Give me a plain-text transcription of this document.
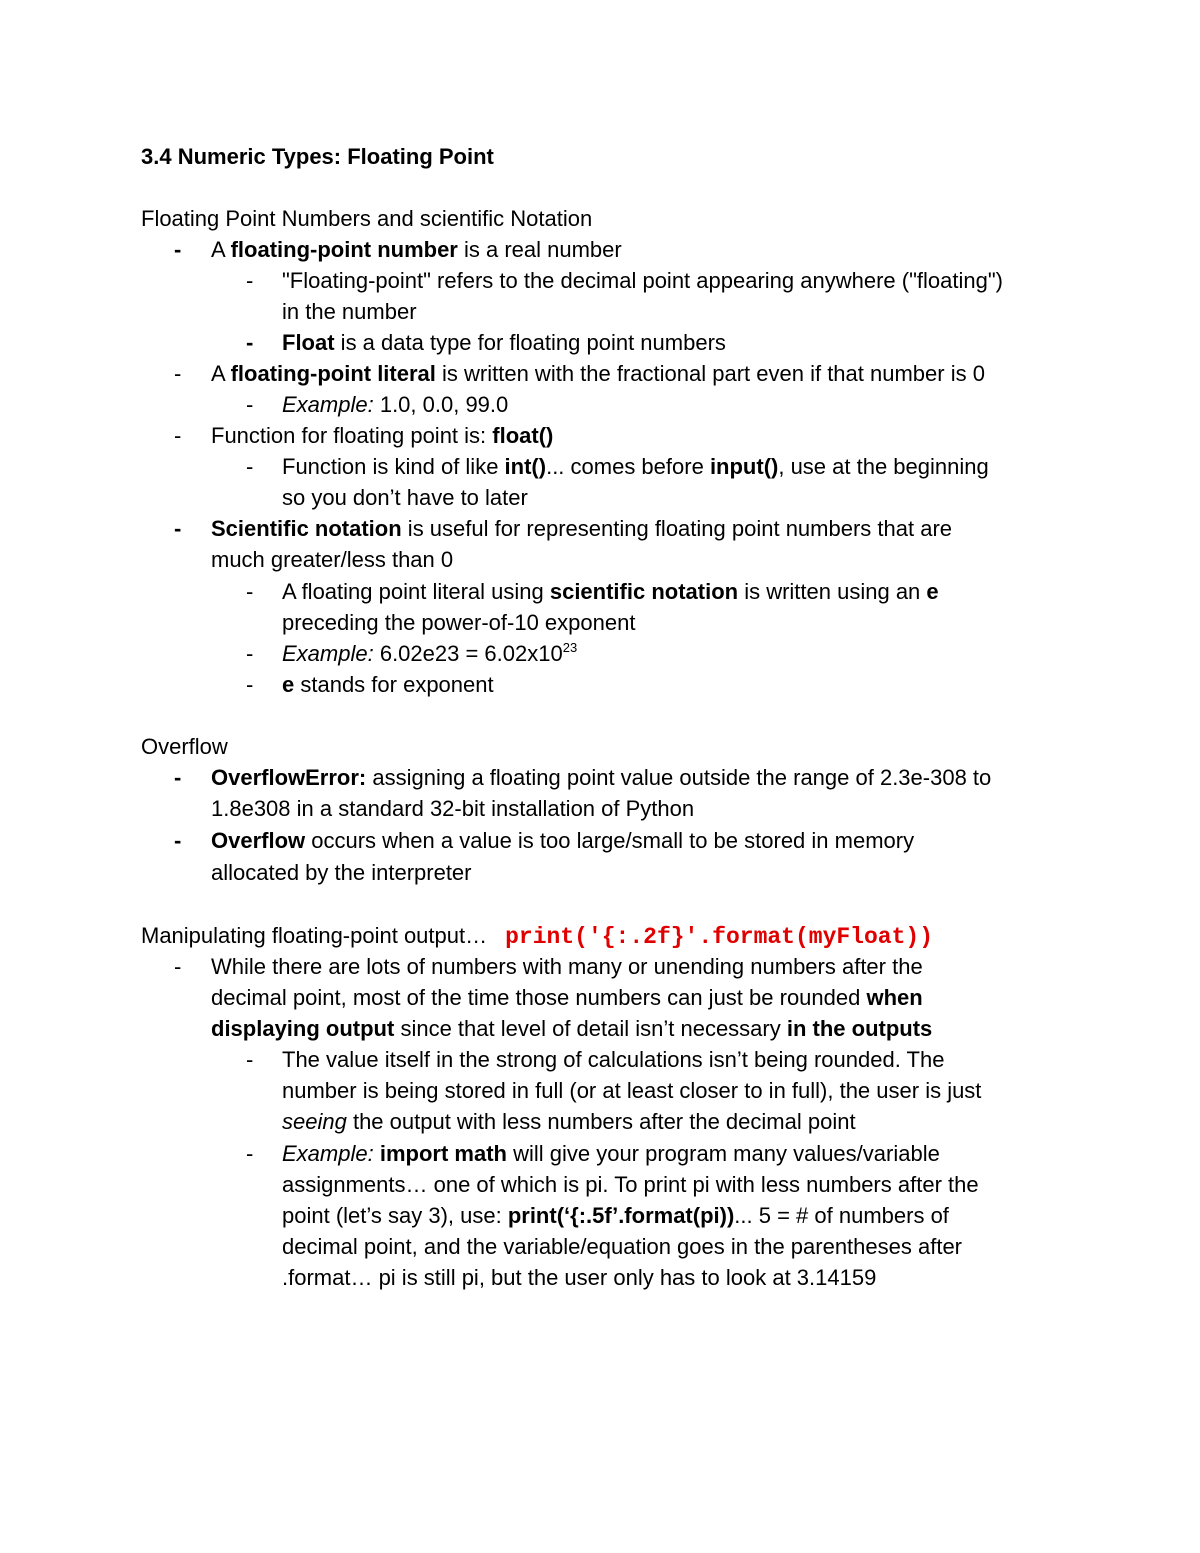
3.4 Numeric Types: Floating Point
Floating Point Numbers and scientific Notation
- A floating-point number is a real number
- "Floating-point" refers to the decimal point appearing anywhere ("floating")
in the number
- Float is a data type for floating point numbers
- A floating-point literal is written with the fractional part even if that number is 0
- Example: 1.0, 0.0, 99.0
- Function for floating point is: float()
- Function is kind of like int()... comes before input(), use at the beginning
so you don’t have to later
- Scientific notation is useful for representing floating point numbers that are
much greater/less than 0
- A floating point literal using scientific notation is written using an e
preceding the power-of-10 exponent
- Example: $6.02e23 = 6.02x10^{23}$
- e stands for exponent
Overflow
- OverflowError: assigning a floating point value outside the range of 2.3e-308 to
1.8e308 in a standard 32-bit installation of Python
- Overflow occurs when a value is too large/small to be stored in memory
allocated by the interpreter
Manipulating floating-point output… print('{:.2f}'.format(myFloat))
- While there are lots of numbers with many or unending numbers after the
decimal point, most of the time those numbers can just be rounded when
displaying output since that level of detail isn’t necessary in the outputs
- The value itself in the strong of calculations isn’t being rounded. The
number is being stored in full (or at least closer to in full), the user is just
seeing the output with less numbers after the decimal point
- Example: import math will give your program many values/variable
assignments… one of which is pi. To print pi with less numbers after the
point (let’s say 3), use: print(‘{:.5f’.format(pi))... 5 = # of numbers of
decimal point, and the variable/equation goes in the parentheses after
.format… pi is still pi, but the user only has to look at 3.14159
